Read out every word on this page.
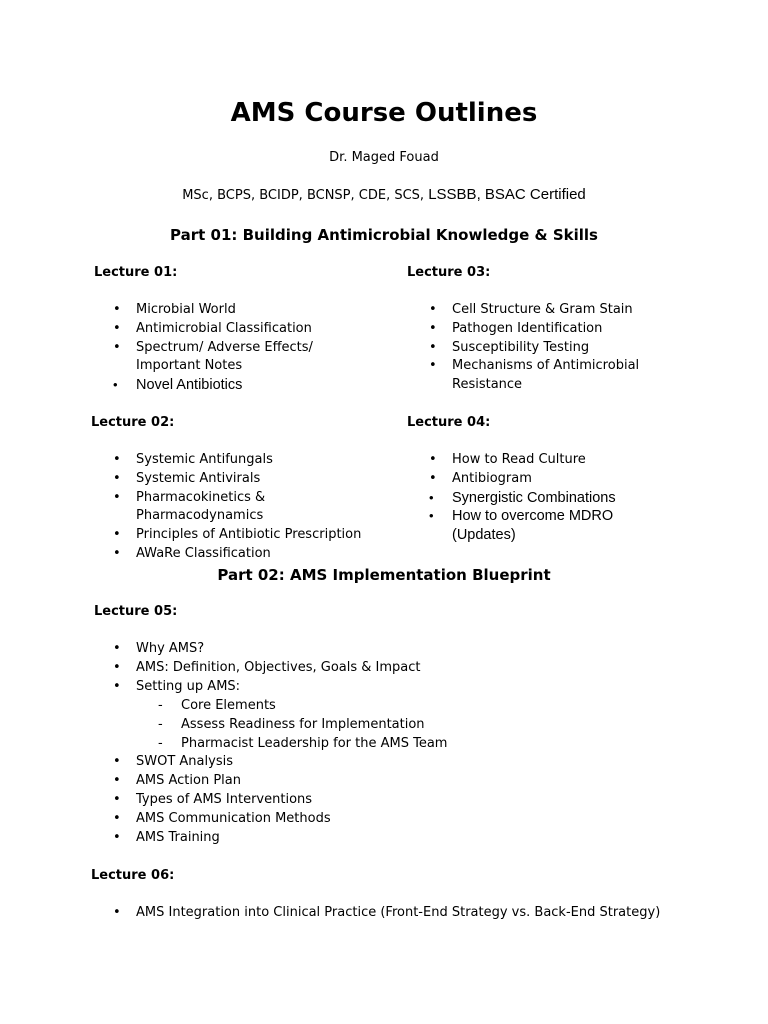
AMS Course Outlines
Dr. Maged Fouad
MSc, BCPS, BCIDP, BCNSP, CDE, SCS, LSSBB, BSAC Certified
Part 01: Building Antimicrobial Knowledge & Skills
Lecture 01:
• Microbial World
• Antimicrobial Classification
• Spectrum/ Adverse Effects/
Important Notes
• Novel Antibiotics
Lecture 03:
• Cell Structure & Gram Stain
• Pathogen Identification
• Susceptibility Testing
• Mechanisms of Antimicrobial
Resistance
Lecture 02:
• Systemic Antifungals
• Systemic Antivirals
• Pharmacokinetics & Pharmacodynamics
• Principles of Antibiotic Prescription
• AWaRe Classification
Lecture 04:
• How to Read Culture
• Antibiogram
• Synergistic Combinations
• How to overcome MDRO
(Updates)
Part 02: AMS Implementation Blueprint
Lecture 05:
• Why AMS?
• AMS: Definition, Objectives, Goals & Impact
• Setting up AMS:
- Core Elements
- Assess Readiness for Implementation
- Pharmacist Leadership for the AMS Team
• SWOT Analysis
• AMS Action Plan
• Types of AMS Interventions
• AMS Communication Methods
• AMS Training
Lecture 06:
• AMS Integration into Clinical Practice (Front-End Strategy vs. Back-End Strategy)
